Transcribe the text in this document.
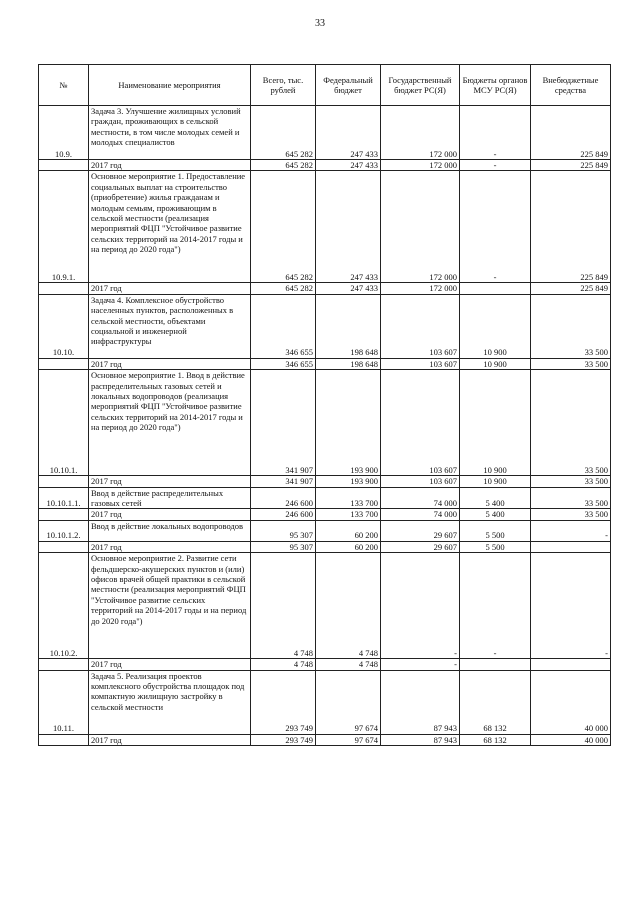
33
№	Наименование мероприятия	Всего, тыс. рублей	Федеральный бюджет	Государственный бюджет РС(Я)	Бюджеты органов МСУ РС(Я)	Внебюджетные средства
10.9.	Задача 3. Улучшение жилищных условий граждан, проживающих в сельской местности, в том числе молодых семей и молодых специалистов	645 282	247 433	172 000	-	225 849
	2017 год	645 282	247 433	172 000	-	225 849
10.9.1.	Основное мероприятие 1. Предоставление социальных выплат на строительство (приобретение) жилья гражданам и молодым семьям, проживающим в сельской местности (реализация мероприятий ФЦП "Устойчивое развитие сельских территорий на 2014-2017 годы и на период до 2020 года")	645 282	247 433	172 000	-	225 849
	2017 год	645 282	247 433	172 000		225 849
10.10.	Задача 4. Комплексное обустройство населенных пунктов, расположенных в сельской местности, объектами социальной и инженерной инфраструктуры	346 655	198 648	103 607	10 900	33 500
	2017 год	346 655	198 648	103 607	10 900	33 500
10.10.1.	Основное мероприятие 1. Ввод в действие распределительных газовых сетей и локальных водопроводов (реализация мероприятий ФЦП "Устойчивое развитие сельских территорий на 2014-2017 годы и на период до 2020 года")	341 907	193 900	103 607	10 900	33 500
	2017 год	341 907	193 900	103 607	10 900	33 500
10.10.1.1.	Ввод в действие распределительных газовых сетей	246 600	133 700	74 000	5 400	33 500
	2017 год	246 600	133 700	74 000	5 400	33 500
10.10.1.2.	Ввод в действие локальных водопроводов	95 307	60 200	29 607	5 500	-
	2017 год	95 307	60 200	29 607	5 500	
10.10.2.	Основное мероприятие 2. Развитие сети фельдшерско-акушерских пунктов и (или) офисов врачей общей практики в сельской местности (реализация мероприятий ФЦП "Устойчивое развитие сельских территорий на 2014-2017 годы и на период до 2020 года")	4 748	4 748	-	-	-
	2017 год	4 748	4 748	-		
10.11.	Задача 5. Реализация проектов комплексного обустройства площадок под компактную жилищную застройку в сельской местности	293 749	97 674	87 943	68 132	40 000
	2017 год	293 749	97 674	87 943	68 132	40 000
